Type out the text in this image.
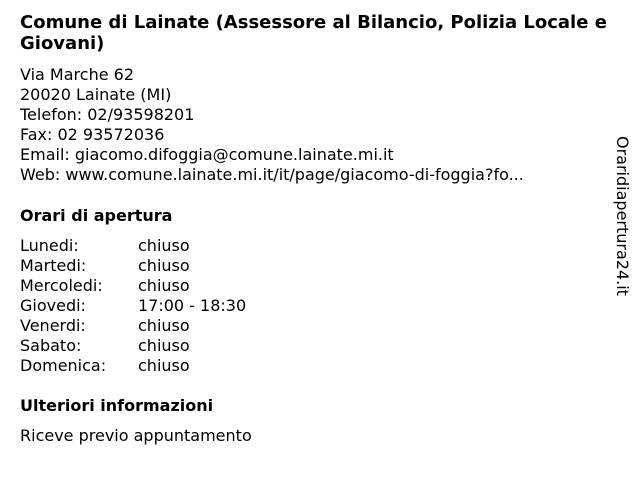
Comune di Lainate (Assessore al Bilancio, Polizia Locale e Giovani)
Via Marche 62
20020 Lainate (MI)
Telefon: 02/93598201
Fax: 02 93572036
Email: giacomo.difoggia@comune.lainate.mi.it
Web: www.comune.lainate.mi.it/it/page/giacomo-di-foggia?fo...
Orari di apertura
Lunedi:	chiuso
Martedi:	chiuso
Mercoledi:	chiuso
Giovedi:	17:00 - 18:30
Venerdi:	chiuso
Sabato:	chiuso
Domenica:	chiuso
Ulteriori informazioni
Riceve previo appuntamento
Oraridiapertura24.it
